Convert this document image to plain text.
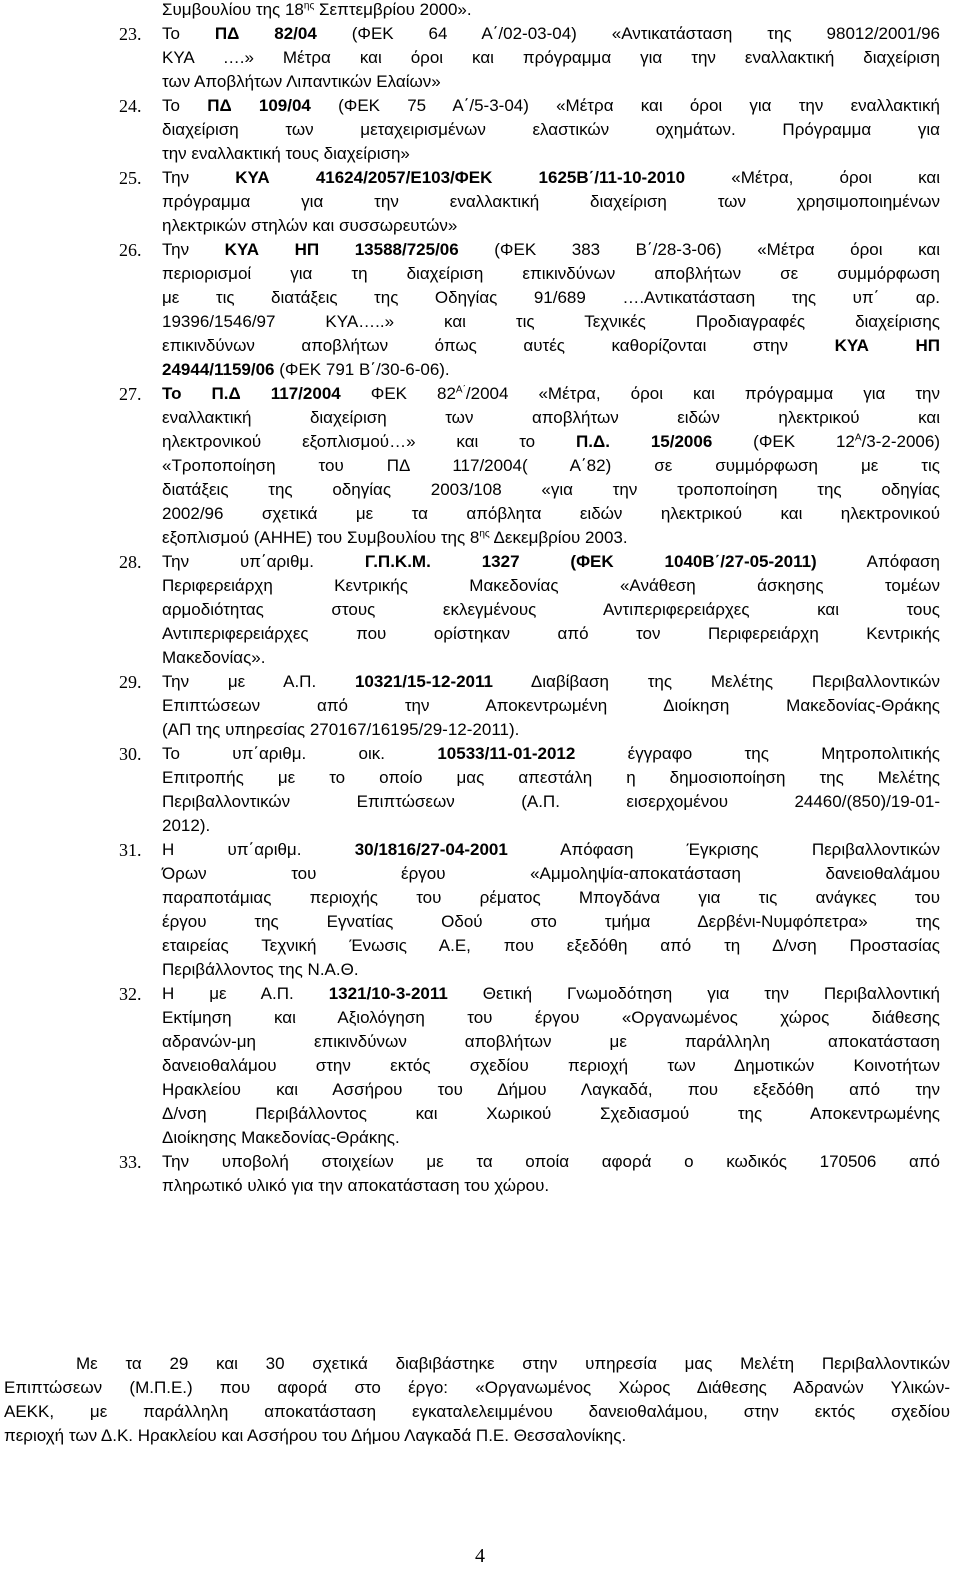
Συμβουλίου της $18^{\eta\varsigma}$ Σεπτεμβρίου 2000».
23. Το ΠΔ 82/04 (ΦΕΚ 64 Α΄/02-03-04) «Αντικατάσταση της 98012/2001/96
ΚΥΑ ….» Μέτρα και όροι και πρόγραμμα για την εναλλακτική διαχείριση
των Αποβλήτων Λιπαντικών Ελαίων»
24. Το ΠΔ 109/04 (ΦΕΚ 75 Α΄/5-3-04) «Μέτρα και όροι για την εναλλακτική
διαχείριση των μεταχειρισμένων ελαστικών οχημάτων. Πρόγραμμα για
την εναλλακτική τους διαχείριση»
25. Την ΚΥΑ 41624/2057/Ε103/ΦΕΚ 1625Β΄/11-10-2010 «Μέτρα, όροι και
πρόγραμμα για την εναλλακτική διαχείριση των χρησιμοποιημένων
ηλεκτρικών στηλών και συσσωρευτών»
26. Την ΚΥΑ ΗΠ 13588/725/06 (ΦΕΚ 383 Β΄/28-3-06) «Μέτρα όροι και
περιορισμοί για τη διαχείριση επικινδύνων αποβλήτων σε συμμόρφωση
με τις διατάξεις της Οδηγίας 91/689 ….Αντικατάσταση της υπ΄ αρ.
19396/1546/97 ΚΥΑ…..» και τις Τεχνικές Προδιαγραφές διαχείρισης
επικινδύνων αποβλήτων όπως αυτές καθορίζονται στην ΚΥΑ ΗΠ
24944/1159/06 (ΦΕΚ 791 Β΄/30-6-06).
27. Το Π.Δ 117/2004 ΦΕΚ $82^{A΄}/2004$ «Μέτρα, όροι και πρόγραμμα για την
εναλλακτική διαχείριση των αποβλήτων ειδών ηλεκτρικού και
ηλεκτρονικού εξοπλισμού…» και το Π.Δ. 15/2006 (ΦΕΚ $12^A/3-2-2006$)
«Τροποποίηση του ΠΔ 117/2004( Α΄82) σε συμμόρφωση με τις
διατάξεις της οδηγίας 2003/108 «για την τροποποίηση της οδηγίας
2002/96 σχετικά με τα απόβλητα ειδών ηλεκτρικού και ηλεκτρονικού
εξοπλισμού (ΑΗΗΕ) του Συμβουλίου της $8^{\eta\varsigma}$ Δεκεμβρίου 2003.
28. Την υπ΄αριθμ. Γ.Π.Κ.Μ. 1327 (ΦΕΚ 1040Β΄/27-05-2011) Απόφαση
Περιφερειάρχη Κεντρικής Μακεδονίας «Ανάθεση άσκησης τομέων
αρμοδιότητας στους εκλεγμένους Αντιπεριφερειάρχες και τους
Αντιπεριφερειάρχες που ορίστηκαν από τον Περιφερειάρχη Κεντρικής
Μακεδονίας».
29. Την με Α.Π. 10321/15-12-2011 Διαβίβαση της Μελέτης Περιβαλλοντικών
Επιπτώσεων από την Αποκεντρωμένη Διοίκηση Μακεδονίας-Θράκης
(ΑΠ της υπηρεσίας 270167/16195/29-12-2011).
30. Το υπ΄αριθμ. οικ. 10533/11-01-2012 έγγραφο της Μητροπολιτικής
Επιτροπής με το οποίο μας απεστάλη η δημοσιοποίηση της Μελέτης
Περιβαλλοντικών Επιπτώσεων (Α.Π. εισερχομένου 24460/(850)/19-01-
2012).
31. Η υπ΄αριθμ. 30/1816/27-04-2001 Απόφαση Έγκρισης Περιβαλλοντικών
Όρων του έργου «Αμμοληψία-αποκατάσταση δανειοθαλάμου
παραποτάμιας περιοχής του ρέματος Μπογδάνα για τις ανάγκες του
έργου της Εγνατίας Οδού στο τμήμα Δερβένι-Νυμφόπετρα» της
εταιρείας Τεχνική Ένωσις Α.Ε, που εξεδόθη από τη Δ/νση Προστασίας
Περιβάλλοντος της Ν.Α.Θ.
32. Η με Α.Π. 1321/10-3-2011 Θετική Γνωμοδότηση για την Περιβαλλοντική
Εκτίμηση και Αξιολόγηση του έργου «Οργανωμένος χώρος διάθεσης
αδρανών-μη επικινδύνων αποβλήτων με παράλληλη αποκατάσταση
δανειοθαλάμου στην εκτός σχεδίου περιοχή των Δημοτικών Κοινοτήτων
Ηρακλείου και Ασσήρου του Δήμου Λαγκαδά, που εξεδόθη από την
Δ/νση Περιβάλλοντος και Χωρικού Σχεδιασμού της Αποκεντρωμένης
Διοίκησης Μακεδονίας-Θράκης.
33. Την υποβολή στοιχείων με τα οποία αφορά ο κωδικός 170506 από
πληρωτικό υλικό για την αποκατάσταση του χώρου.
Με τα 29 και 30 σχετικά διαβιβάστηκε στην υπηρεσία μας Μελέτη Περιβαλλοντικών
Επιπτώσεων (Μ.Π.Ε.) που αφορά στο έργο: «Οργανωμένος Χώρος Διάθεσης Αδρανών Υλικών-
ΑΕΚΚ, με παράλληλη αποκατάσταση εγκαταλελειμμένου δανειοθαλάμου, στην εκτός σχεδίου
περιοχή των Δ.Κ. Ηρακλείου και Ασσήρου του Δήμου Λαγκαδά Π.Ε. Θεσσαλονίκης.
4
